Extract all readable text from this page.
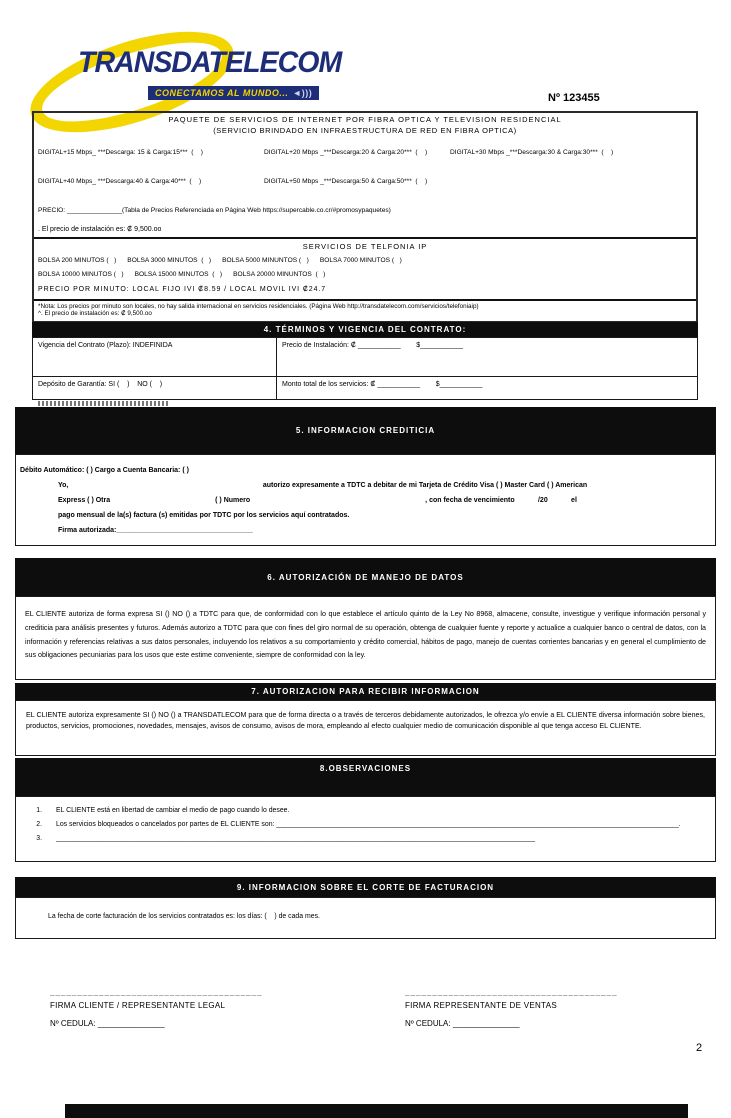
TRANSDATELECOM
CONECTAMOS AL MUNDO... ◄)))	Nº 123455
PAQUETE DE SERVICIOS DE INTERNET POR FIBRA OPTICA Y TELEVISION RESIDENCIAL
(SERVICIO BRINDADO EN INFRAESTRUCTURA DE RED EN FIBRA OPTICA)
DIGITAL+15 Mbps_ ***Descarga: 15 & Carga:15***  (    )	DIGITAL+20 Mbps _***Descarga:20 & Carga:20***  (    )	DIGITAL+30 Mbps _***Descarga:30 & Carga:30***  (    )
DIGITAL+40 Mbps_ ***Descarga:40 & Carga:40***  (    )	DIGITAL+50 Mbps _***Descarga:50 & Carga:50***  (    )
PRECIO: _______________(Tabla de Precios Referenciada en Página Web https://supercable.co.cr/#promosypaquetes)
. El precio de instalación es: ₡ 9,500.oo
SERVICIOS DE TELFONIA IP
BOLSA 200 MINUTOS (   ) BOLSA 3000 MINUTOS  (   ) BOLSA 5000 MINUNTOS (   ) BOLSA 7000 MINUTOS (   )
BOLSA 10000 MINUTOS (   ) BOLSA 15000 MINUTOS  (   ) BOLSA 20000 MINUNTOS  (   )
PRECIO POR MINUTO: LOCAL FIJO IVI ₡8.59 / LOCAL MOVIL IVI ₡24.7
*Nota: Los precios por minuto son locales, no hay salida internacional en servicios residenciales. (Página Web http://transdatelecom.com/servicios/telefoniaip)
^. El precio de instalación es: ₡ 9,500.oo
4. TÉRMINOS Y VIGENCIA DEL CONTRATO:
Vigencia del Contrato (Plazo): INDEFINIDA	Precio de Instalación: ₡ ___________        $___________
Depósito de Garantía: SI (    )    NO (    )	Monto total de los servicios: ₡ ___________        $___________
5. INFORMACION CREDITICIA
Débito Automático: ( ) Cargo a Cuenta Bancaria: ( )
Yo,                                                                                                    autorizo expresamente a TDTC a debitar de mi Tarjeta de Crédito Visa ( ) Master Card ( ) American
Express ( ) Otra                                                      ( ) Numero                                                                                          , con fecha de vencimiento            /20            el
pago mensual de la(s) factura (s) emitidas por TDTC por los servicios aquí contratados.
Firma autorizada:___________________________________
6. AUTORIZACIÓN DE MANEJO DE DATOS

EL CLIENTE autoriza de forma expresa SI () NO () a TDTC para que, de conformidad con lo que establece el artículo quinto de la Ley No 8968, almacene, consulte, investigue y verifique información personal y crediticia para análisis presentes y futuros. Además autorizo a TDTC para que con fines del giro normal de su operación, obtenga de cualquier fuente y reporte y actualice a cualquier banco o central de datos, con la información y referencias relativas a sus datos personales, incluyendo los relativos a su comportamiento y crédito comercial, hábitos de pago, manejo de cuentas corrientes bancarias y en general el cumplimiento de sus obligaciones pecuniarias para los usos que este estime conveniente, siempre de conformidad con la ley.

7. AUTORIZACION PARA RECIBIR INFORMACION

EL CLIENTE autoriza expresamente SI () NO () a TRANSDATLECOM para que de forma directa o a través de terceros debidamente autorizados, le ofrezca y/o envíe a EL CLIENTE diversa información sobre bienes, productos, servicios, promociones, novedades, mensajes, avisos de consumo, avisos de mora, empleando al efecto cualquier medio de comunicación disponible al que tenga acceso EL CLIENTE.

8.OBSERVACIONES
1. EL CLIENTE está en libertad de cambiar el medio de pago cuando lo desee.
2. Los servicios bloqueados o cancelados por partes de EL CLIENTE son: _________________________________________________________________________________________________________.
3. _____________________________________________________________________________________________________________________________
9. INFORMACION SOBRE EL CORTE DE FACTURACION
La fecha de corte facturación de los servicios contratados es: los días: (    ) de cada mes.
_______________________________________
FIRMA CLIENTE / REPRESENTANTE LEGAL
Nº CEDULA: _______________
_______________________________________
FIRMA REPRESENTANTE DE VENTAS
Nº CEDULA: _______________
2
